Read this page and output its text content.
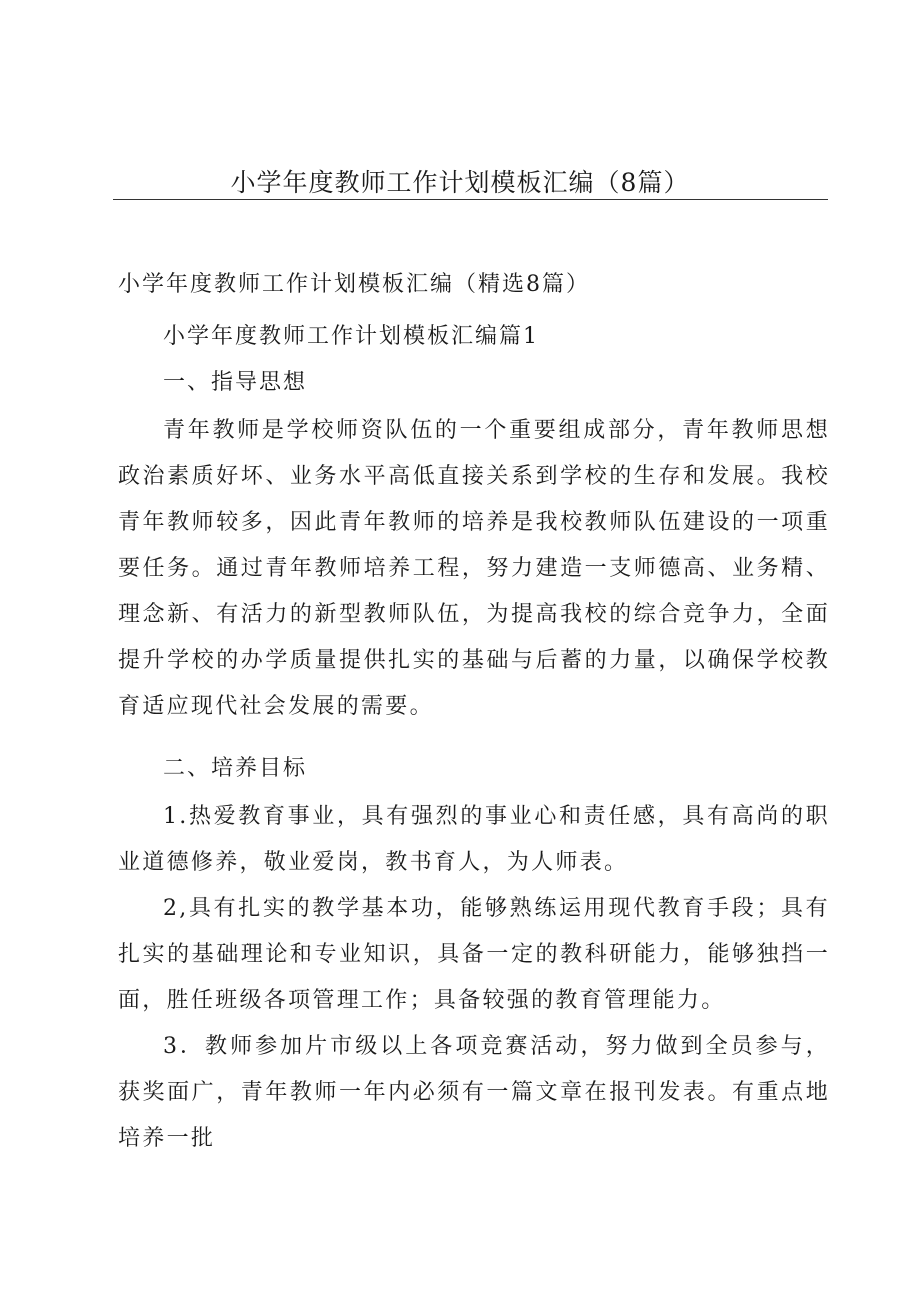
小学年度教师工作计划模板汇编（8篇）

小学年度教师工作计划模板汇编（精选8篇）

小学年度教师工作计划模板汇编篇1

一、指导思想

青年教师是学校师资队伍的一个重要组成部分，青年教师思想政治素质好坏、业务水平高低直接关系到学校的生存和发展。我校青年教师较多，因此青年教师的培养是我校教师队伍建设的一项重要任务。通过青年教师培养工程，努力建造一支师德高、业务精、理念新、有活力的新型教师队伍，为提高我校的综合竞争力，全面提升学校的办学质量提供扎实的基础与后蓄的力量，以确保学校教育适应现代社会发展的需要。

二、培养目标

1.热爱教育事业，具有强烈的事业心和责任感，具有高尚的职业道德修养，敬业爱岗，教书育人，为人师表。

2,具有扎实的教学基本功，能够熟练运用现代教育手段；具有扎实的基础理论和专业知识，具备一定的教科研能力，能够独挡一面，胜任班级各项管理工作；具备较强的教育管理能力。

3．教师参加片市级以上各项竞赛活动，努力做到全员参与，获奖面广，青年教师一年内必须有一篇文章在报刊发表。有重点地培养一批
